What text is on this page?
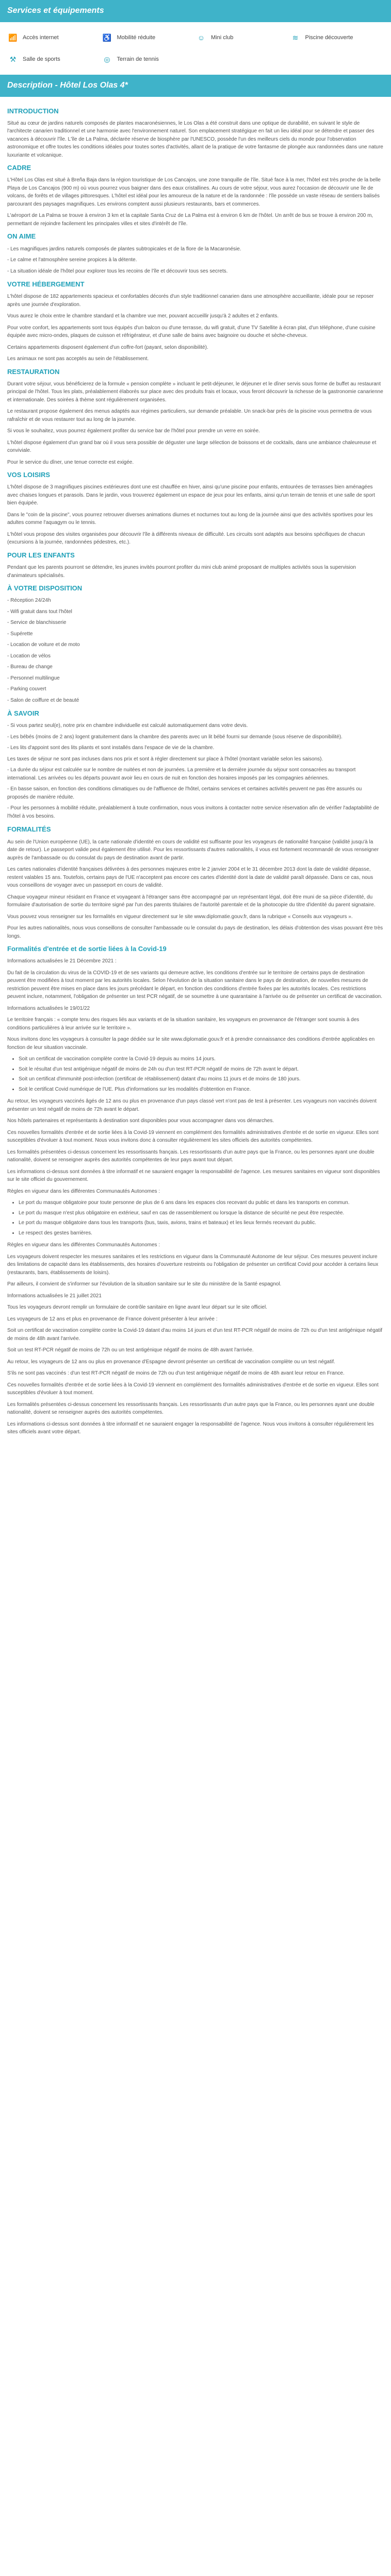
Services et équipements
📶 Accès internet	♿ Mobilité réduite	☺	Mini club	≋	Piscine découverte
⚒	Salle de sports	◎	Terrain de tennis
Description - Hôtel Los Olas 4*
INTRODUCTION

Situé au cœur de jardins naturels composés de plantes macaronésiennes, le Los Olas a été construit dans une optique de durabilité, en suivant le style de l'architecte canarien traditionnel et une harmonie avec l'environnement naturel. Son emplacement stratégique en fait un lieu idéal pour se détendre et passer des vacances à découvrir l'île. L'île de La Palma, déclarée réserve de biosphère par l'UNESCO, possède l'un des meilleurs ciels du monde pour l'observation astronomique et offre toutes les conditions idéales pour toutes sortes d'activités, allant de la pratique de votre fantasme de plongée aux randonnées dans une nature luxuriante et volcanique.

CADRE

L'Hôtel Los Olas est situé à Breña Baja dans la région touristique de Los Cancajos, une zone tranquille de l'île. Situé face à la mer, l'hôtel est très proche de la belle Playa de Los Cancajos (900 m) où vous pourrez vous baigner dans des eaux cristallines. Au cours de votre séjour, vous aurez l'occasion de découvrir une île de volcans, de forêts et de villages pittoresques. L'hôtel est idéal pour les amoureux de la nature et de la randonnée : l'île possède un vaste réseau de sentiers balisés parcourant des paysages magnifiques. Les environs comptent aussi plusieurs restaurants, bars et commerces.

L'aéroport de La Palma se trouve à environ 3 km et la capitale Santa Cruz de La Palma est à environ 6 km de l'hôtel. Un arrêt de bus se trouve à environ 200 m, permettant de rejoindre facilement les principales villes et sites d'intérêt de l'île.

ON AIME
- Les magnifiques jardins naturels composés de plantes subtropicales et de la flore de la Macaronésie.
- Le calme et l'atmosphère sereine propices à la détente.
- La situation idéale de l'hôtel pour explorer tous les recoins de l'île et découvrir tous ses secrets.
VOTRE HÉBERGEMENT

L'hôtel dispose de 182 appartements spacieux et confortables décorés d'un style traditionnel canarien dans une atmosphère accueillante, idéale pour se reposer après une journée d'exploration.

Vous aurez le choix entre le chambre standard et la chambre vue mer, pouvant accueillir jusqu'à 2 adultes et 2 enfants.

Pour votre confort, les appartements sont tous équipés d'un balcon ou d'une terrasse, du wifi gratuit, d'une TV Satellite à écran plat, d'un téléphone, d'une cuisine équipée avec micro-ondes, plaques de cuisson et réfrigérateur, et d'une salle de bains avec baignoire ou douche et sèche-cheveux.

Certains appartements disposent également d'un coffre-fort (payant, selon disponibilité).

Les animaux ne sont pas acceptés au sein de l'établissement.

RESTAURATION

Durant votre séjour, vous bénéficierez de la formule « pension complète » incluant le petit-déjeuner, le déjeuner et le dîner servis sous forme de buffet au restaurant principal de l'hôtel. Tous les plats, préalablement élaborés sur place avec des produits frais et locaux, vous feront découvrir la richesse de la gastronomie canarienne et internationale. Des soirées à thème sont régulièrement organisées.

Le restaurant propose également des menus adaptés aux régimes particuliers, sur demande préalable. Un snack-bar près de la piscine vous permettra de vous rafraîchir et de vous restaurer tout au long de la journée.

Si vous le souhaitez, vous pourrez également profiter du service bar de l'hôtel pour prendre un verre en soirée.

L'hôtel dispose également d'un grand bar où il vous sera possible de déguster une large sélection de boissons et de cocktails, dans une ambiance chaleureuse et conviviale.

Pour le service du dîner, une tenue correcte est exigée.

VOS LOISIRS

L'hôtel dispose de 3 magnifiques piscines extérieures dont une est chauffée en hiver, ainsi qu'une piscine pour enfants, entourées de terrasses bien aménagées avec chaises longues et parasols. Dans le jardin, vous trouverez également un espace de jeux pour les enfants, ainsi qu'un terrain de tennis et une salle de sport bien équipée.

Dans le "coin de la piscine", vous pourrez retrouver diverses animations diurnes et nocturnes tout au long de la journée ainsi que des activités sportives pour les adultes comme l'aquagym ou le tennis.

L'hôtel vous propose des visites organisées pour découvrir l'île à différents niveaux de difficulté. Les circuits sont adaptés aux besoins spécifiques de chacun (excursions à la journée, randonnées pédestres, etc.).

POUR LES ENFANTS

Pendant que les parents pourront se détendre, les jeunes invités pourront profiter du mini club animé proposant de multiples activités sous la supervision d'animateurs spécialisés.

À VOTRE DISPOSITION
- Réception 24/24h
- Wifi gratuit dans tout l'hôtel
- Service de blanchisserie
- Supérette
- Location de voiture et de moto
- Location de vélos
- Bureau de change
- Personnel multilingue
- Parking couvert
- Salon de coiffure et de beauté
À SAVOIR
- Si vous partez seul(e), notre prix en chambre individuelle est calculé automatiquement dans votre devis.
- Les bébés (moins de 2 ans) logent gratuitement dans la chambre des parents avec un lit bébé fourni sur demande (sous réserve de disponibilité).
- Les lits d'appoint sont des lits pliants et sont installés dans l'espace de vie de la chambre.
Les taxes de séjour ne sont pas incluses dans nos prix et sont à régler directement sur place à l'hôtel (montant variable selon les saisons).
- La durée du séjour est calculée sur le nombre de nuitées et non de journées. La première et la dernière journée du séjour sont consacrées au transport international. Les arrivées ou les départs pouvant avoir lieu en cours de nuit en fonction des horaires imposés par les compagnies aériennes.
- En basse saison, en fonction des conditions climatiques ou de l'affluence de l'hôtel, certains services et certaines activités peuvent ne pas être assurés ou proposés de manière réduite.
- Pour les personnes à mobilité réduite, préalablement à toute confirmation, nous vous invitons à contacter notre service réservation afin de vérifier l'adaptabilité de l'hôtel à vos besoins.
FORMALITÉS

Au sein de l'Union européenne (UE), la carte nationale d'identité en cours de validité est suffisante pour les voyageurs de nationalité française (validité jusqu'à la date de retour). Le passeport valide peut également être utilisé. Pour les ressortissants d'autres nationalités, il vous est fortement recommandé de vous renseigner auprès de l'ambassade ou du consulat du pays de destination avant de partir.

Les cartes nationales d'identité françaises délivrées à des personnes majeures entre le 2 janvier 2004 et le 31 décembre 2013 dont la date de validité dépasse, restent valables 15 ans. Toutefois, certains pays de l'UE n'acceptent pas encore ces cartes d'identité dont la date de validité paraît dépassée. Dans ce cas, nous vous conseillons de voyager avec un passeport en cours de validité.

Chaque voyageur mineur résidant en France et voyageant à l'étranger sans être accompagné par un représentant légal, doit être muni de sa pièce d'identité, du formulaire d'autorisation de sortie du territoire signé par l'un des parents titulaires de l'autorité parentale et de la photocopie du titre d'identité du parent signataire.

Vous pouvez vous renseigner sur les formalités en vigueur directement sur le site www.diplomatie.gouv.fr, dans la rubrique « Conseils aux voyageurs ».

Pour les autres nationalités, nous vous conseillons de consulter l'ambassade ou le consulat du pays de destination, les délais d'obtention des visas pouvant être très longs.

Formalités d'entrée et de sortie liées à la Covid-19

Informations actualisées le 21 Décembre 2021 :

Du fait de la circulation du virus de la COVID-19 et de ses variants qui demeure active, les conditions d'entrée sur le territoire de certains pays de destination peuvent être modifiées à tout moment par les autorités locales. Selon l'évolution de la situation sanitaire dans le pays de destination, de nouvelles mesures de restriction peuvent être mises en place dans les jours précédant le départ, en fonction des conditions d'entrée fixées par les autorités locales. Ces restrictions peuvent inclure, notamment, l'obligation de présenter un test PCR négatif, de se soumettre à une quarantaine à l'arrivée ou de présenter un certificat de vaccination.

Informations actualisées le 19/01/22

Le territoire français : « compte tenu des risques liés aux variants et de la situation sanitaire, les voyageurs en provenance de l'étranger sont soumis à des conditions particulières à leur arrivée sur le territoire ».

Nous invitons donc les voyageurs à consulter la page dédiée sur le site www.diplomatie.gouv.fr et à prendre connaissance des conditions d'entrée applicables en fonction de leur situation vaccinale.

• Soit un certificat de vaccination complète contre la Covid-19 depuis au moins 14 jours.
• Soit le résultat d'un test antigénique négatif de moins de 24h ou d'un test RT-PCR négatif de moins de 72h avant le départ.
• Soit un certificat d'immunité post-infection (certificat de rétablissement) datant d'au moins 11 jours et de moins de 180 jours.
• Soit le certificat Covid numérique de l'UE. Plus d'informations sur les modalités d'obtention en France.

Au retour, les voyageurs vaccinés âgés de 12 ans ou plus en provenance d'un pays classé vert n'ont pas de test à présenter. Les voyageurs non vaccinés doivent présenter un test négatif de moins de 72h avant le départ.

Nos hôtels partenaires et représentants à destination sont disponibles pour vous accompagner dans vos démarches.

Ces nouvelles formalités d'entrée et de sortie liées à la Covid-19 viennent en complément des formalités administratives d'entrée et de sortie en vigueur. Elles sont susceptibles d'évoluer à tout moment. Nous vous invitons donc à consulter régulièrement les sites officiels des autorités compétentes.

Les formalités présentées ci-dessus concernent les ressortissants français. Les ressortissants d'un autre pays que la France, ou les personnes ayant une double nationalité, doivent se renseigner auprès des autorités compétentes de leur pays avant tout départ.

Les informations ci-dessus sont données à titre informatif et ne sauraient engager la responsabilité de l'agence. Les mesures sanitaires en vigueur sont disponibles sur le site officiel du gouvernement.

Règles en vigueur dans les différentes Communautés Autonomes :

• Le port du masque obligatoire pour toute personne de plus de 6 ans dans les espaces clos recevant du public et dans les transports en commun.
• Le port du masque n'est plus obligatoire en extérieur, sauf en cas de rassemblement ou lorsque la distance de sécurité ne peut être respectée.
• Le port du masque obligatoire dans tous les transports (bus, taxis, avions, trains et bateaux) et les lieux fermés recevant du public.
• Le respect des gestes barrières.

Règles en vigueur dans les différentes Communautés Autonomes :

Les voyageurs doivent respecter les mesures sanitaires et les restrictions en vigueur dans la Communauté Autonome de leur séjour. Ces mesures peuvent inclure des limitations de capacité dans les établissements, des horaires d'ouverture restreints ou l'obligation de présenter un certificat Covid pour accéder à certains lieux (restaurants, bars, établissements de loisirs).

Par ailleurs, il convient de s'informer sur l'évolution de la situation sanitaire sur le site du ministère de la Santé espagnol.

Informations actualisées le 21 juillet 2021

Tous les voyageurs devront remplir un formulaire de contrôle sanitaire en ligne avant leur départ sur le site officiel.

Les voyageurs de 12 ans et plus en provenance de France doivent présenter à leur arrivée :

Soit un certificat de vaccination complète contre la Covid-19 datant d'au moins 14 jours et d'un test RT-PCR négatif de moins de 72h ou d'un test antigénique négatif de moins de 48h avant l'arrivée.

Soit un test RT-PCR négatif de moins de 72h ou un test antigénique négatif de moins de 48h avant l'arrivée.

Au retour, les voyageurs de 12 ans ou plus en provenance d'Espagne devront présenter un certificat de vaccination complète ou un test négatif.

S'ils ne sont pas vaccinés : d'un test RT-PCR négatif de moins de 72h ou d'un test antigénique négatif de moins de 48h avant leur retour en France.

Ces nouvelles formalités d'entrée et de sortie liées à la Covid-19 viennent en complément des formalités administratives d'entrée et de sortie en vigueur. Elles sont susceptibles d'évoluer à tout moment.

Les formalités présentées ci-dessus concernent les ressortissants français. Les ressortissants d'un autre pays que la France, ou les personnes ayant une double nationalité, doivent se renseigner auprès des autorités compétentes.

Les informations ci-dessus sont données à titre informatif et ne sauraient engager la responsabilité de l'agence. Nous vous invitons à consulter régulièrement les sites officiels avant votre départ.
